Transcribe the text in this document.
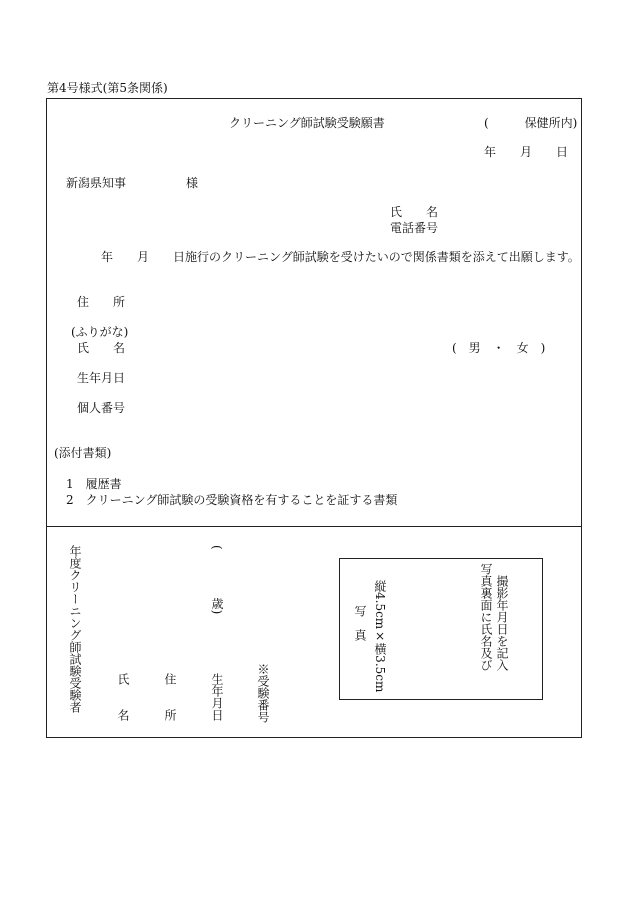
第4号様式(第5条関係)
クリーニング師試験受験願書	(　　　保健所内)
年　　月　　日
新潟県知事　　　　　様
氏　　名
電話番号
年　　月　　日施行のクリーニング師試験を受けたいので関係書類を添えて出願します。
住　　所
(ふりがな)
氏　　名	(　男　・　女　)
生年月日
個人番号
(添付書類)
1　履歴書
2　クリーニング師試験の受験資格を有することを証する書類
年度クリーニング師試験受験者	氏　　名	住　　所	生年月日
(　　　　歳)
※受験番号
写　真 縦4.5cm×横3.5cm	写真裏面に氏名及び 撮影年月日を記入
